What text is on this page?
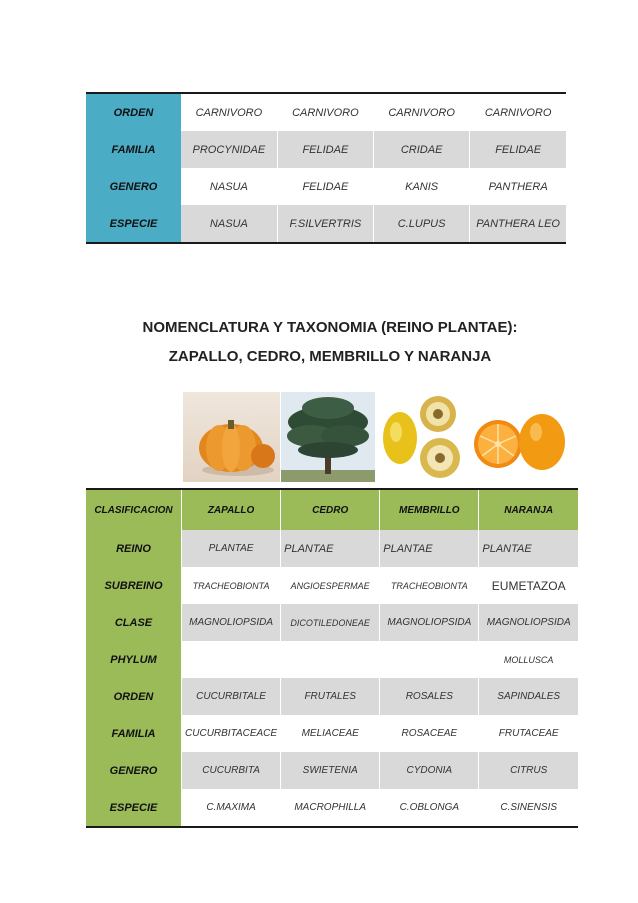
ORDEN	CARNIVORO	CARNIVORO	CARNIVORO	CARNIVORO
FAMILIA	PROCYNIDAE	FELIDAE	CRIDAE	FELIDAE
GENERO	NASUA	FELIDAE	KANIS	PANTHERA
ESPECIE	NASUA	F.SILVERTRIS	C.LUPUS	PANTHERA LEO
NOMENCLATURA Y TAXONOMIA (REINO PLANTAE):
ZAPALLO, CEDRO, MEMBRILLO Y NARANJA
CLASIFICACION	ZAPALLO	CEDRO	MEMBRILLO	NARANJA
REINO	PLANTAE	PLANTAE	PLANTAE	PLANTAE
SUBREINO	TRACHEOBIONTA	ANGIOESPERMAE	TRACHEOBIONTA	EUMETAZOA
CLASE	MAGNOLIOPSIDA	DICOTILEDONEAE	MAGNOLIOPSIDA	MAGNOLIOPSIDA
PHYLUM				MOLLUSCA
ORDEN	CUCURBITALE	FRUTALES	ROSALES	SAPINDALES
FAMILIA	CUCURBITACEACE	MELIACEAE	ROSACEAE	FRUTACEAE
GENERO	CUCURBITA	SWIETENIA	CYDONIA	CITRUS
ESPECIE	C.MAXIMA	MACROPHILLA	C.OBLONGA	C.SINENSIS
